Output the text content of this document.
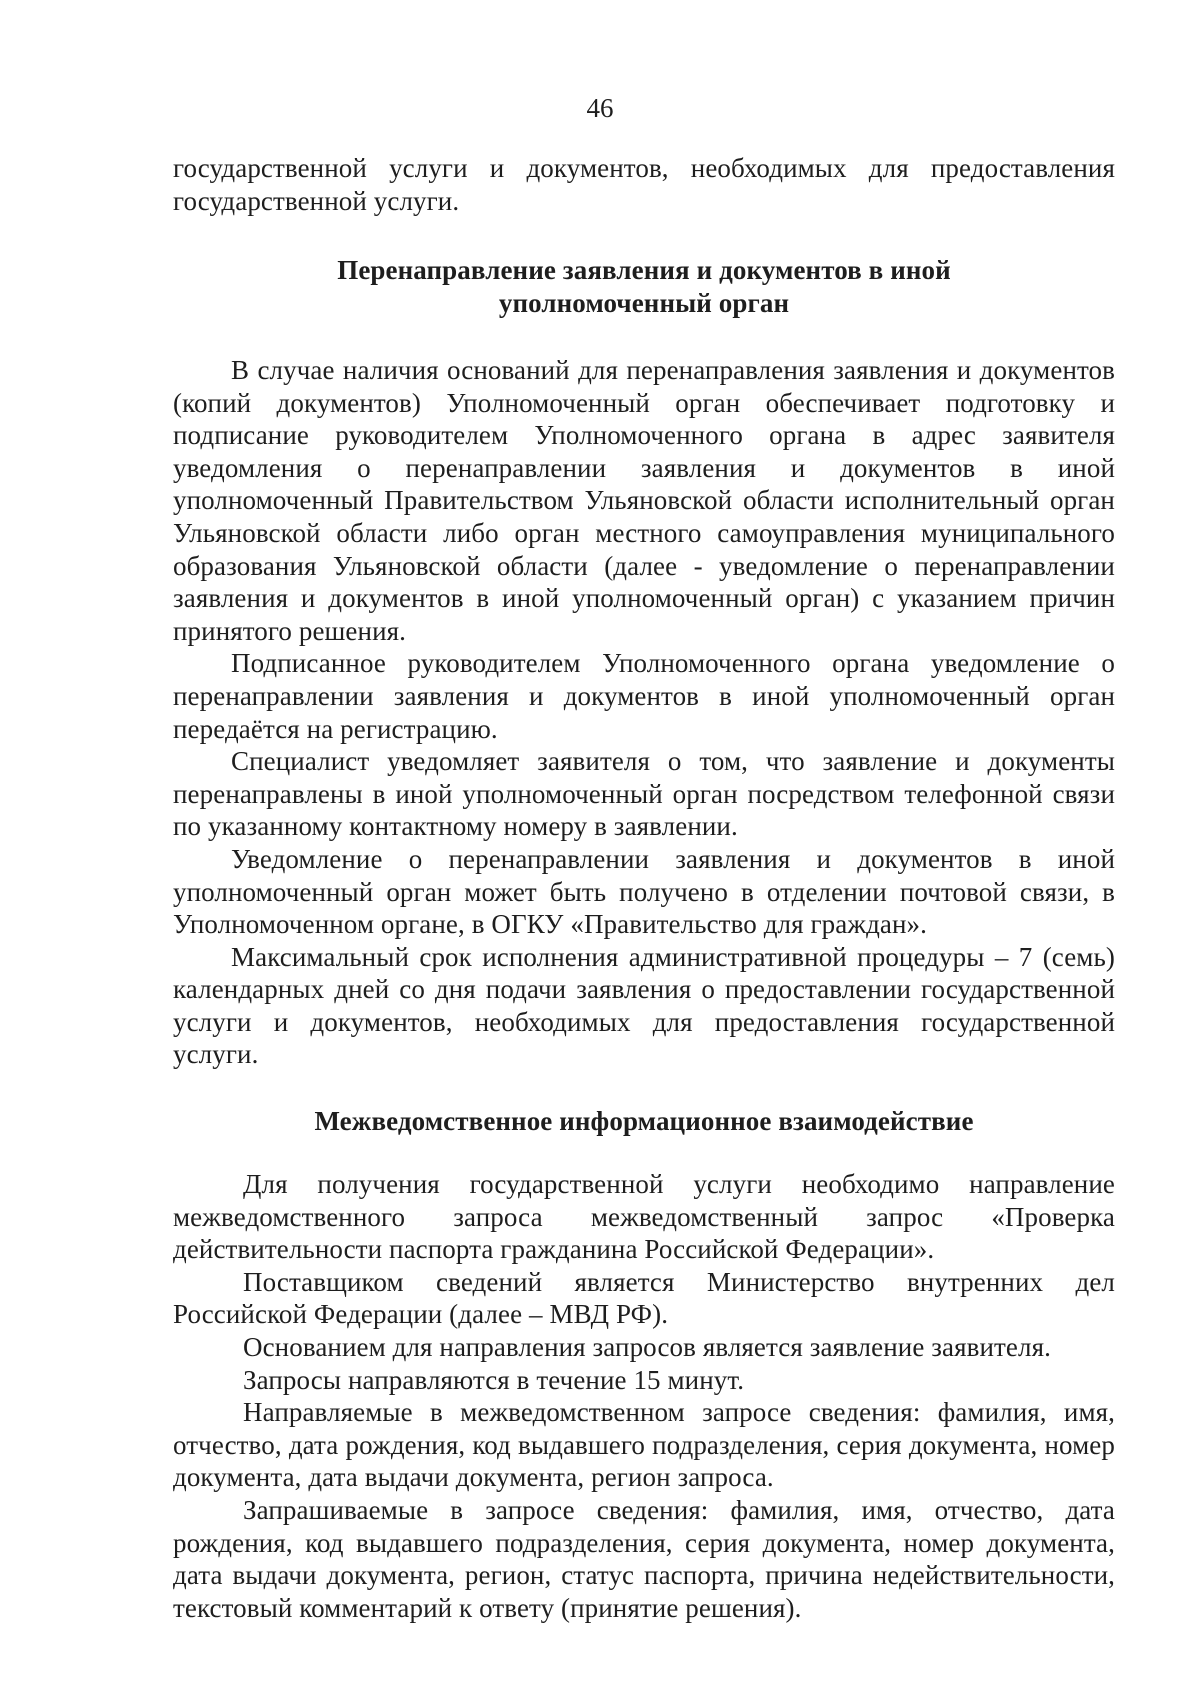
46

государственной услуги и документов, необходимых для предоставления государственной услуги.

Перенаправление заявления и документов в иной
уполномоченный орган

В случае наличия оснований для перенаправления заявления и документов (копий документов) Уполномоченный орган обеспечивает подготовку и подписание руководителем Уполномоченного органа в адрес заявителя уведомления о перенаправлении заявления и документов в иной уполномоченный Правительством Ульяновской области исполнительный орган Ульяновской области либо орган местного самоуправления муниципального образования Ульяновской области (далее - уведомление о перенаправлении заявления и документов в иной уполномоченный орган) с указанием причин принятого решения.

Подписанное руководителем Уполномоченного органа уведомление о перенаправлении заявления и документов в иной уполномоченный орган передаётся на регистрацию.

Специалист уведомляет заявителя о том, что заявление и документы перенаправлены в иной уполномоченный орган посредством телефонной связи по указанному контактному номеру в заявлении.

Уведомление о перенаправлении заявления и документов в иной уполномоченный орган может быть получено в отделении почтовой связи, в Уполномоченном органе, в ОГКУ «Правительство для граждан».

Максимальный срок исполнения административной процедуры – 7 (семь) календарных дней со дня подачи заявления о предоставлении государственной услуги и документов, необходимых для предоставления государственной услуги.

Межведомственное информационное взаимодействие

Для получения государственной услуги необходимо направление межведомственного запроса межведомственный запрос «Проверка действительности паспорта гражданина Российской Федерации».

Поставщиком сведений является Министерство внутренних дел Российской Федерации (далее – МВД РФ).

Основанием для направления запросов является заявление заявителя.

Запросы направляются в течение 15 минут.

Направляемые в межведомственном запросе сведения: фамилия, имя, отчество, дата рождения, код выдавшего подразделения, серия документа, номер документа, дата выдачи документа, регион запроса.

Запрашиваемые в запросе сведения: фамилия, имя, отчество, дата рождения, код выдавшего подразделения, серия документа, номер документа, дата выдачи документа, регион, статус паспорта, причина недействительности, текстовый комментарий к ответу (принятие решения).
